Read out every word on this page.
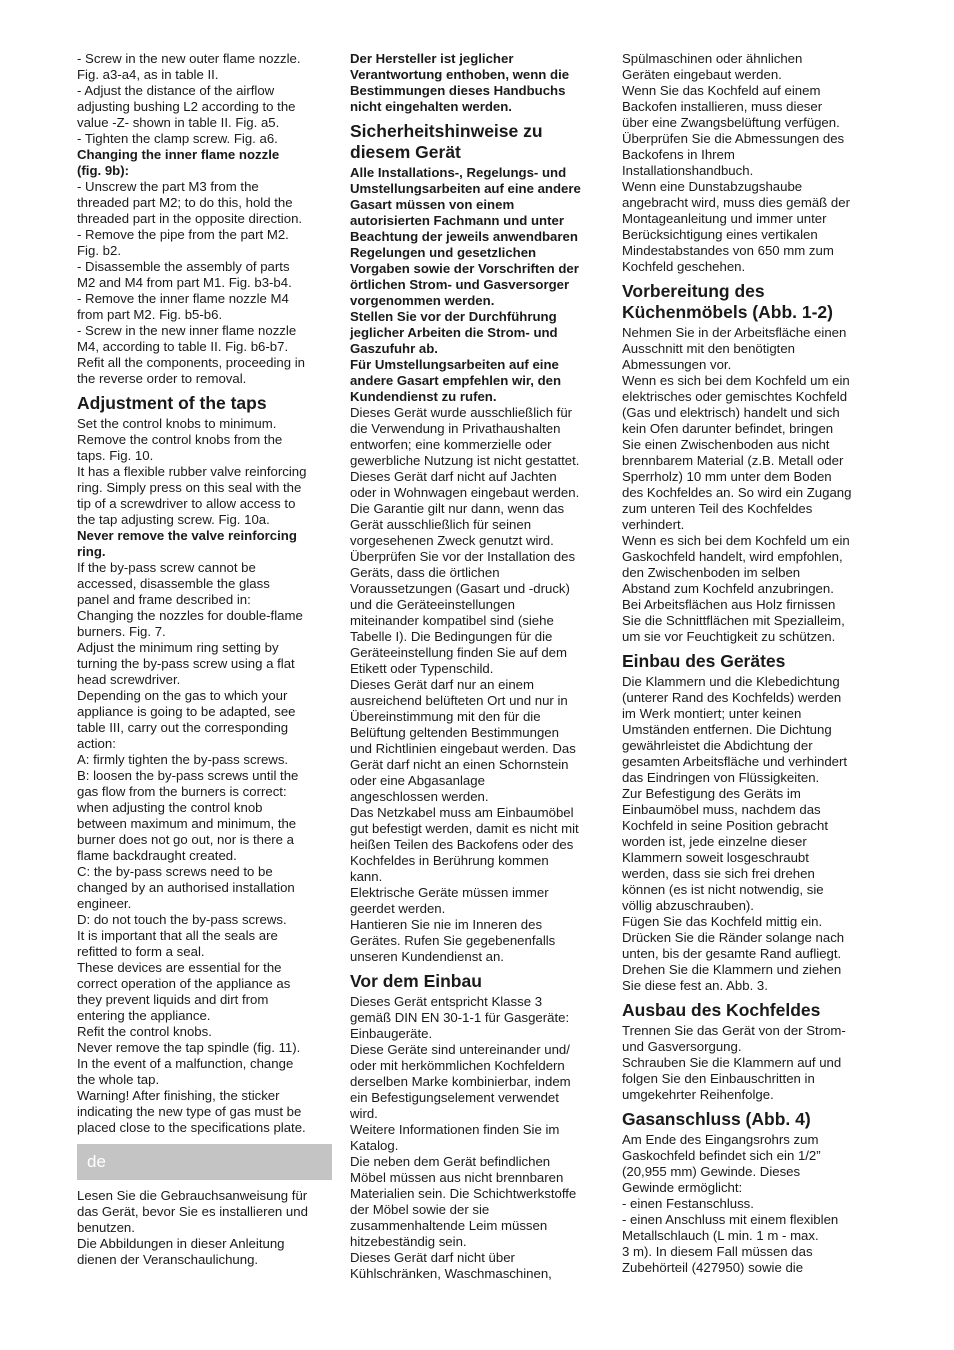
- Screw in the new outer flame nozzle.
Fig. a3-a4, as in table II.
- Adjust the distance of the airflow
adjusting bushing L2 according to the
value -Z- shown in table II. Fig. a5.
- Tighten the clamp screw. Fig. a6.

Changing the inner flame nozzle
(fig. 9b):

- Unscrew the part M3 from the
threaded part M2; to do this, hold the
threaded part in the opposite direction.
- Remove the pipe from the part M2.
Fig. b2.
- Disassemble the assembly of parts
M2 and M4 from part M1. Fig. b3-b4.
- Remove the inner flame nozzle M4
from part M2. Fig. b5-b6.
- Screw in the new inner flame nozzle
M4, according to table II. Fig. b6-b7.
Refit all the components, proceeding in
the reverse order to removal.

Adjustment of the taps

Set the control knobs to minimum.
Remove the control knobs from the
taps. Fig. 10.
It has a flexible rubber valve reinforcing
ring. Simply press on this seal with the
tip of a screwdriver to allow access to
the tap adjusting screw. Fig. 10a.

Never remove the valve reinforcing
ring.

If the by-pass screw cannot be
accessed, disassemble the glass
panel and frame described in:
Changing the nozzles for double-flame
burners. Fig. 7.
Adjust the minimum ring setting by
turning the by-pass screw using a flat
head screwdriver.
Depending on the gas to which your
appliance is going to be adapted, see
table III, carry out the corresponding
action:
A: firmly tighten the by-pass screws.
B: loosen the by-pass screws until the
gas flow from the burners is correct:
when adjusting the control knob
between maximum and minimum, the
burner does not go out, nor is there a
flame backdraught created.
C: the by-pass screws need to be
changed by an authorised installation
engineer.
D: do not touch the by-pass screws.
It is important that all the seals are
refitted to form a seal.
These devices are essential for the
correct operation of the appliance as
they prevent liquids and dirt from
entering the appliance.
Refit the control knobs.
Never remove the tap spindle (fig. 11).
In the event of a malfunction, change
the whole tap.
Warning! After finishing, the sticker
indicating the new type of gas must be
placed close to the specifications plate.

de

Lesen Sie die Gebrauchsanweisung für
das Gerät, bevor Sie es installieren und
benutzen.
Die Abbildungen in dieser Anleitung
dienen der Veranschaulichung.

Der Hersteller ist jeglicher
Verantwortung enthoben, wenn die
Bestimmungen dieses Handbuchs
nicht eingehalten werden.

Sicherheitshinweise zu
diesem Gerät

Alle Installations-, Regelungs- und
Umstellungsarbeiten auf eine andere
Gasart müssen von einem
autorisierten Fachmann und unter
Beachtung der jeweils anwendbaren
Regelungen und gesetzlichen
Vorgaben sowie der Vorschriften der
örtlichen Strom- und Gasversorger
vorgenommen werden.
Stellen Sie vor der Durchführung
jeglicher Arbeiten die Strom- und
Gaszufuhr ab.
Für Umstellungsarbeiten auf eine
andere Gasart empfehlen wir, den
Kundendienst zu rufen.

Dieses Gerät wurde ausschließlich für
die Verwendung in Privathaushalten
entworfen; eine kommerzielle oder
gewerbliche Nutzung ist nicht gestattet.
Dieses Gerät darf nicht auf Jachten
oder in Wohnwagen eingebaut werden.
Die Garantie gilt nur dann, wenn das
Gerät ausschließlich für seinen
vorgesehenen Zweck genutzt wird.
Überprüfen Sie vor der Installation des
Geräts, dass die örtlichen
Voraussetzungen (Gasart und -druck)
und die Geräteeinstellungen
miteinander kompatibel sind (siehe
Tabelle I). Die Bedingungen für die
Geräteeinstellung finden Sie auf dem
Etikett oder Typenschild.
Dieses Gerät darf nur an einem
ausreichend belüfteten Ort und nur in
Übereinstimmung mit den für die
Belüftung geltenden Bestimmungen
und Richtlinien eingebaut werden. Das
Gerät darf nicht an einen Schornstein
oder eine Abgasanlage
angeschlossen werden.
Das Netzkabel muss am Einbaumöbel
gut befestigt werden, damit es nicht mit
heißen Teilen des Backofens oder des
Kochfeldes in Berührung kommen
kann.
Elektrische Geräte müssen immer
geerdet werden.
Hantieren Sie nie im Inneren des
Gerätes. Rufen Sie gegebenenfalls
unseren Kundendienst an.

Vor dem Einbau

Dieses Gerät entspricht Klasse 3
gemäß DIN EN 30-1-1 für Gasgeräte:
Einbaugeräte.
Diese Geräte sind untereinander und/
oder mit herkömmlichen Kochfeldern
derselben Marke kombinierbar, indem
ein Befestigungselement verwendet
wird.
Weitere Informationen finden Sie im
Katalog.
Die neben dem Gerät befindlichen
Möbel müssen aus nicht brennbaren
Materialien sein. Die Schichtwerkstoffe
der Möbel sowie der sie
zusammenhaltende Leim müssen
hitzebeständig sein.
Dieses Gerät darf nicht über
Kühlschränken, Waschmaschinen,

Spülmaschinen oder ähnlichen
Geräten eingebaut werden.
Wenn Sie das Kochfeld auf einem
Backofen installieren, muss dieser
über eine Zwangsbelüftung verfügen.
Überprüfen Sie die Abmessungen des
Backofens in Ihrem
Installationshandbuch.
Wenn eine Dunstabzugshaube
angebracht wird, muss dies gemäß der
Montageanleitung und immer unter
Berücksichtigung eines vertikalen
Mindestabstandes von 650 mm zum
Kochfeld geschehen.

Vorbereitung des
Küchenmöbels (Abb. 1-2)

Nehmen Sie in der Arbeitsfläche einen
Ausschnitt mit den benötigten
Abmessungen vor.
Wenn es sich bei dem Kochfeld um ein
elektrisches oder gemischtes Kochfeld
(Gas und elektrisch) handelt und sich
kein Ofen darunter befindet, bringen
Sie einen Zwischenboden aus nicht
brennbarem Material (z.B. Metall oder
Sperrholz) 10 mm unter dem Boden
des Kochfeldes an. So wird ein Zugang
zum unteren Teil des Kochfeldes
verhindert.
Wenn es sich bei dem Kochfeld um ein
Gaskochfeld handelt, wird empfohlen,
den Zwischenboden im selben
Abstand zum Kochfeld anzubringen.
Bei Arbeitsflächen aus Holz firnissen
Sie die Schnittflächen mit Spezialleim,
um sie vor Feuchtigkeit zu schützen.

Einbau des Gerätes

Die Klammern und die Klebedichtung
(unterer Rand des Kochfelds) werden
im Werk montiert; unter keinen
Umständen entfernen. Die Dichtung
gewährleistet die Abdichtung der
gesamten Arbeitsfläche und verhindert
das Eindringen von Flüssigkeiten.
Zur Befestigung des Geräts im
Einbaumöbel muss, nachdem das
Kochfeld in seine Position gebracht
worden ist, jede einzelne dieser
Klammern soweit losgeschraubt
werden, dass sie sich frei drehen
können (es ist nicht notwendig, sie
völlig abzuschrauben).
Fügen Sie das Kochfeld mittig ein.
Drücken Sie die Ränder solange nach
unten, bis der gesamte Rand aufliegt.
Drehen Sie die Klammern und ziehen
Sie diese fest an. Abb. 3.

Ausbau des Kochfeldes

Trennen Sie das Gerät von der Strom-
und Gasversorgung.
Schrauben Sie die Klammern auf und
folgen Sie den Einbauschritten in
umgekehrter Reihenfolge.

Gasanschluss (Abb. 4)

Am Ende des Eingangsrohrs zum
Gaskochfeld befindet sich ein 1/2”
(20,955 mm) Gewinde. Dieses
Gewinde ermöglicht:
- einen Festanschluss.
- einen Anschluss mit einem flexiblen
Metallschlauch (L min. 1 m - max.
3 m). In diesem Fall müssen das
Zubehörteil (427950) sowie die
